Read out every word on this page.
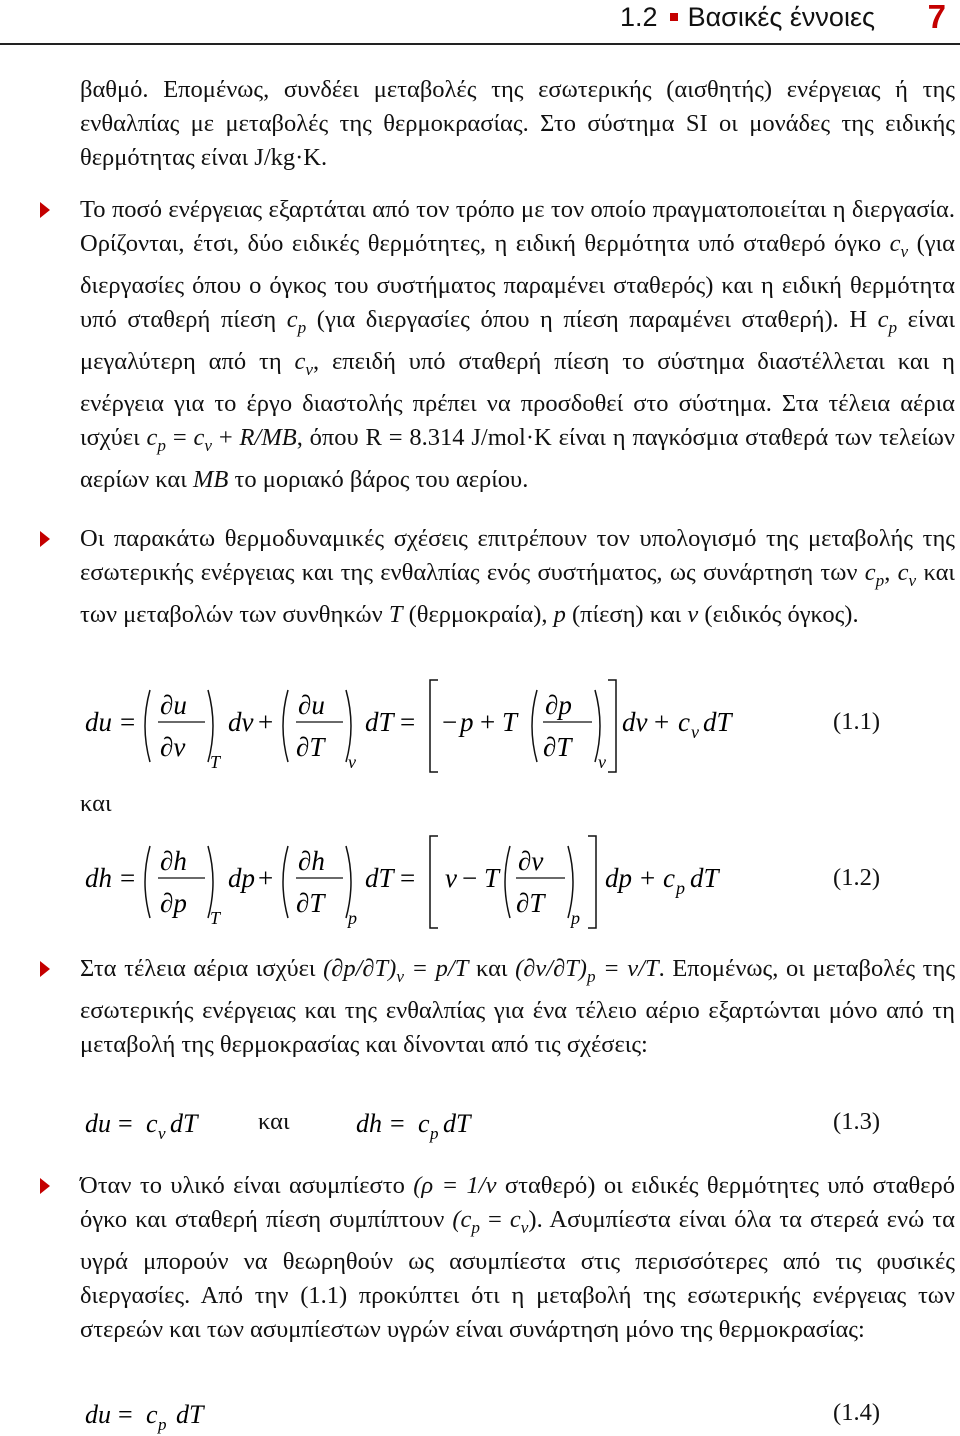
1.2 Βασικές έννοιες 7
βαθμό. Επομένως, συνδέει μεταβολές της εσωτερικής (αισθητής) ενέργειας ή της ενθαλπίας με μεταβολές της θερμοκρασίας. Στο σύστημα SI οι μονάδες της ειδικής θερμότητας είναι J/kg·K.
Το ποσό ενέργειας εξαρτάται από τον τρόπο με τον οποίο πραγματοποιείται η διεργασία. Ορίζονται, έτσι, δύο ειδικές θερμότητες, η ειδική θερμότητα υπό σταθερό όγκο $c_v$ (για διεργασίες όπου ο όγκος του συστήματος παραμένει σταθερός) και η ειδική θερμότητα υπό σταθερή πίεση $c_p$ (για διεργασίες όπου η πίεση παραμένει σταθερή). Η $c_p$ είναι μεγαλύτερη από τη $c_v$, επειδή υπό σταθερή πίεση το σύστημα διαστέλλεται και η ενέργεια για το έργο διαστολής πρέπει να προσδοθεί στο σύστημα. Στα τέλεια αέρια ισχύει $c_p = c_v + R/MB$, όπου R = 8.314 J/mol·K είναι η παγκόσμια σταθερά των τελείων αερίων και MB το μοριακό βάρος του αερίου.
Οι παρακάτω θερμοδυναμικές σχέσεις επιτρέπουν τον υπολογισμό της μεταβολής της εσωτερικής ενέργειας και της ενθαλπίας ενός συστήματος, ως συνάρτηση των $c_p$, $c_v$ και των μεταβολών των συνθηκών T (θερμοκραία), p (πίεση) και v (ειδικός όγκος).
du =
∂u
∂v T
dv +
∂u
∂T v
dT = − p + T
∂p
∂T v
dv + c v dT	(1.1)
και
dh =
∂h
∂p T
dp +
∂h
∂T p
dT = v − T
∂v
∂T p
dp + c p dT	(1.2)
Στα τέλεια αέρια ισχύει $(\partial p/\partial T)_v = p/T$ και $(\partial v/\partial T)_p = v/T$. Επομένως, οι μεταβολές της εσωτερικής ενέργειας και της ενθαλπίας για ένα τέλειο αέριο εξαρτώνται μόνο από τη μεταβολή της θερμοκρασίας και δίνονται από τις σχέσεις:
du = c v dT	dh = c p dT
και	(1.3)
Όταν το υλικό είναι ασυμπίεστο (ρ = 1/v σταθερό) οι ειδικές θερμότητες υπό σταθερό όγκο και σταθερή πίεση συμπίπτουν $(c_p = c_v)$. Ασυμπίεστα είναι όλα τα στερεά ενώ τα υγρά μπορούν να θεωρηθούν ως ασυμπίεστα στις περισσότερες από τις φυσικές διεργασίες. Από την (1.1) προκύπτει ότι η μεταβολή της εσωτερικής ενέργειας των στερεών και των ασυμπίεστων υγρών είναι συνάρτηση μόνο της θερμοκρασίας:
du = c p dT	(1.4)
